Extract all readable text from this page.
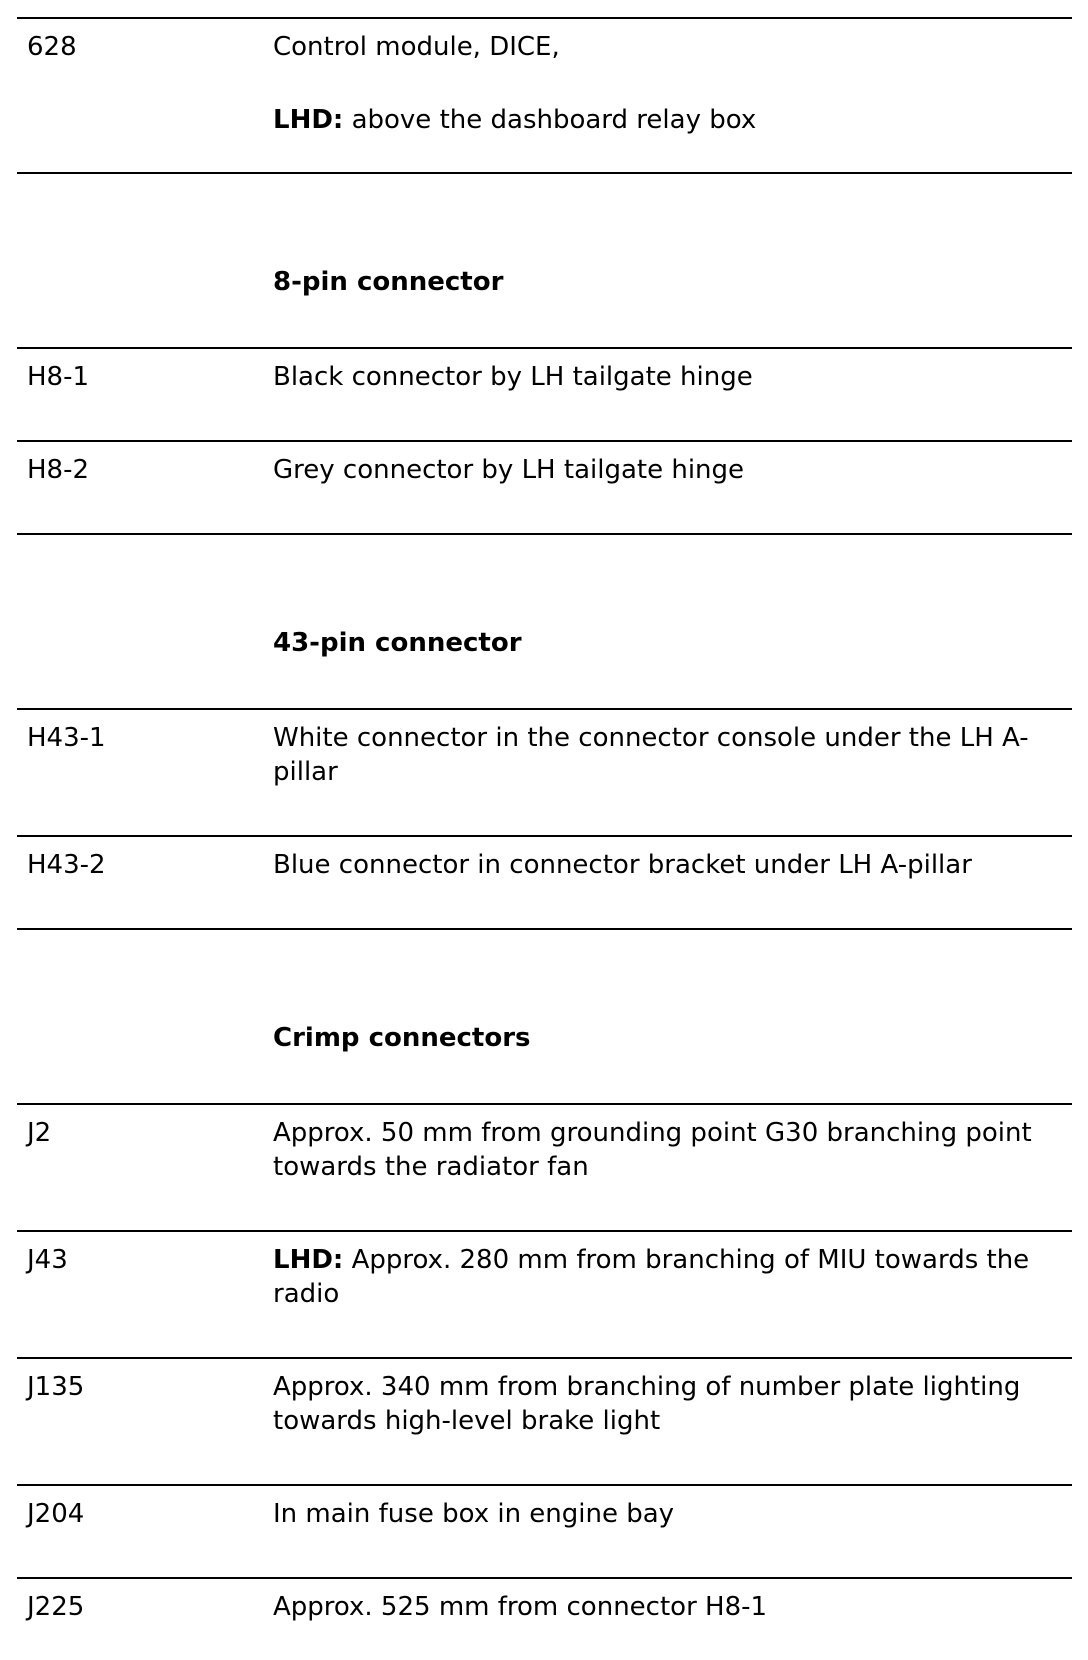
628	Control module, DICE,
LHD: above the dashboard relay box
8-pin connector
H8-1	Black connector by LH tailgate hinge
H8-2	Grey connector by LH tailgate hinge
43-pin connector
H43-1	White connector in the connector console under the LH A-pillar
H43-2	Blue connector in connector bracket under LH A-pillar
Crimp connectors
J2	Approx. 50 mm from grounding point G30 branching point towards the radiator fan
J43	LHD: Approx. 280 mm from branching of MIU towards the radio
J135	Approx. 340 mm from branching of number plate lighting towards high-level brake light
J204	In main fuse box in engine bay
J225	Approx. 525 mm from connector H8-1
